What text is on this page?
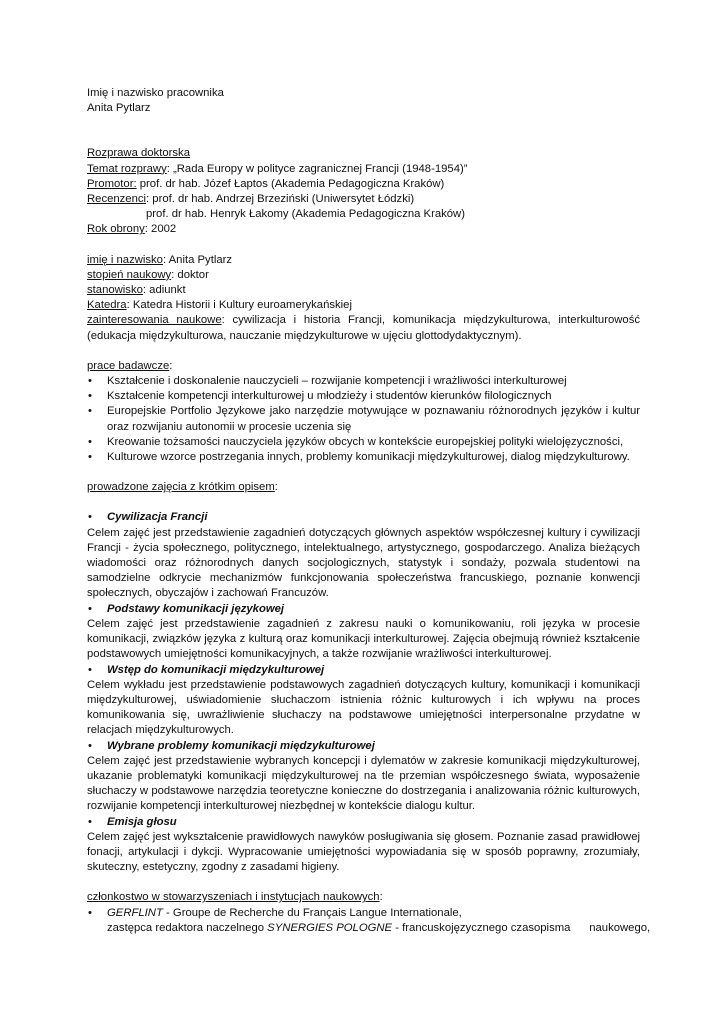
Imię i nazwisko pracownika

Anita Pytlarz

Rozprawa doktorska

Temat rozprawy: „Rada Europy w polityce zagranicznej Francji (1948-1954)”

Promotor: prof. dr hab. Józef Łaptos (Akademia Pedagogiczna Kraków)

Recenzenci: prof. dr hab. Andrzej Brzeziński (Uniwersytet Łódzki)

prof. dr hab. Henryk Łakomy (Akademia Pedagogiczna Kraków)

Rok obrony: 2002

imię i nazwisko: Anita Pytlarz

stopień naukowy: doktor

stanowisko: adiunkt

Katedra: Katedra Historii i Kultury euroamerykańskiej

zainteresowania naukowe: cywilizacja i historia Francji, komunikacja międzykulturowa, interkulturowość (edukacja międzykulturowa, nauczanie międzykulturowe w ujęciu glottodydaktycznym).

prace badawcze:

• Kształcenie i doskonalenie nauczycieli – rozwijanie kompetencji i wrażliwości interkulturowej
• Kształcenie kompetencji interkulturowej u młodzieży i studentów kierunków filologicznych
• Europejskie Portfolio Językowe jako narzędzie motywujące w poznawaniu różnorodnych języków i kultur oraz rozwijaniu autonomii w procesie uczenia się
• Kreowanie tożsamości nauczyciela języków obcych w kontekście europejskiej polityki wielojęzyczności,
• Kulturowe wzorce postrzegania innych, problemy komunikacji międzykulturowej, dialog międzykulturowy.

prowadzone zajęcia z krótkim opisem:

• Cywilizacja Francji

Celem zajęć jest przedstawienie zagadnień dotyczących głównych aspektów współczesnej kultury i cywilizacji Francji - życia społecznego, politycznego, intelektualnego, artystycznego, gospodarczego. Analiza bieżących wiadomości oraz różnorodnych danych socjologicznych, statystyk i sondaży, pozwala studentowi na samodzielne odkrycie mechanizmów funkcjonowania społeczeństwa francuskiego, poznanie konwencji społecznych, obyczajów i zachowań Francuzów.

• Podstawy komunikacji językowej

Celem zajęć jest przedstawienie zagadnień z zakresu nauki o komunikowaniu, roli języka w procesie komunikacji, związków języka z kulturą oraz komunikacji interkulturowej. Zajęcia obejmują również kształcenie podstawowych umiejętności komunikacyjnych, a także rozwijanie wrażliwości interkulturowej.

• Wstęp do komunikacji międzykulturowej

Celem wykładu jest przedstawienie podstawowych zagadnień dotyczących kultury, komunikacji i komunikacji międzykulturowej, uświadomienie słuchaczom istnienia różnic kulturowych i ich wpływu na proces komunikowania się, uwrażliwienie słuchaczy na podstawowe umiejętności interpersonalne przydatne w relacjach międzykulturowych.

• Wybrane problemy komunikacji międzykulturowej

Celem zajęć jest przedstawienie wybranych koncepcji i dylematów w zakresie komunikacji międzykulturowej, ukazanie problematyki komunikacji międzykulturowej na tle przemian współczesnego świata, wyposażenie słuchaczy w podstawowe narzędzia teoretyczne konieczne do dostrzegania i analizowania różnic kulturowych, rozwijanie kompetencji interkulturowej niezbędnej w kontekście dialogu kultur.

• Emisja głosu

Celem zajęć jest wykształcenie prawidłowych nawyków posługiwania się głosem. Poznanie zasad prawidłowej fonacji, artykulacji i dykcji. Wypracowanie umiejętności wypowiadania się w sposób poprawny, zrozumiały, skuteczny, estetyczny, zgodny z zasadami higieny.

członkostwo w stowarzyszeniach i instytucjach naukowych:

• GERFLINT - Groupe de Recherche du Français Langue Internationale,

zastępca redaktora naczelnego SYNERGIES POLOGNE - francuskojęzycznego czasopisma      naukowego,
